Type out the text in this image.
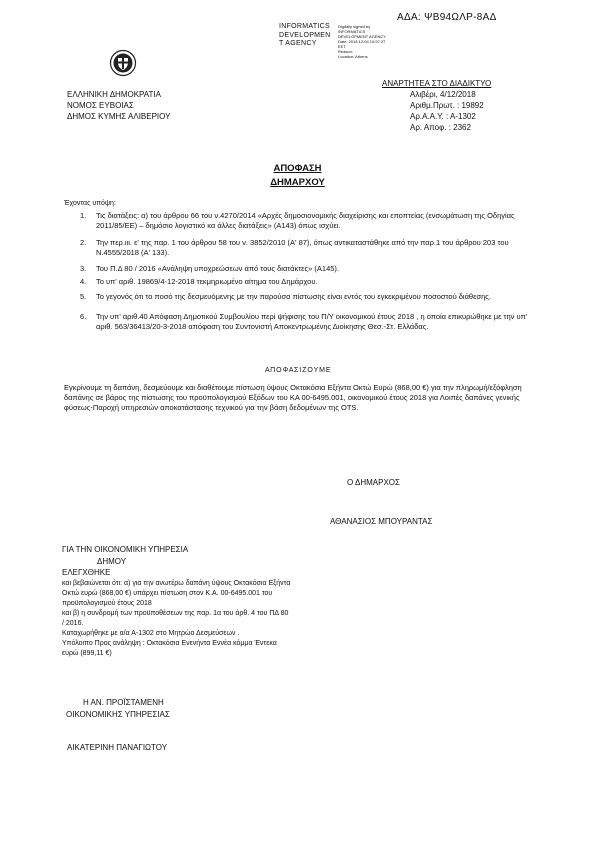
ΑΔΑ: ΨΒ94ΩΛΡ-8ΑΔ
INFORMATICS
DEVELOPMEN
T AGENCY
Digitally signed by
INFORMATICS
DEVELOPMENT AGENCY
Date: 2018.12.04 10:57:27
EET
Reason:
Location: Athens
ΕΛΛΗΝΙΚΗ ΔΗΜΟΚΡΑΤΙΑ
ΝΟΜΟΣ ΕΥΒΟΙΑΣ
ΔΗΜΟΣ ΚΥΜΗΣ ΑΛΙΒΕΡΙΟΥ
ΑΝΑΡΤΗΤΕΑ ΣΤΟ ΔΙΑΔΙΚΤΥΟ
Αλιβέρι, 4/12/2018
Αριθμ.Πρωτ. : 19892
Αρ.Α.Α.Υ. : Α-1302
Αρ. Αποφ. : 2362
ΑΠΟΦΑΣΗ
ΔΗΜΑΡΧΟΥ
Έχοντας υπόψη:
1. Τις διατάξεις: α) του άρθρου 66 του ν.4270/2014 «Αρχές δημοσιονομικής διαχείρισης και εποπτείας (ενσωμάτωση της Οδηγίας 2011/85/ΕΕ) – δημόσιο λογιστικό κα άλλες διατάξεις» (Α143) όπως ισχύει.
2. Την περ.ιιι. ε' της παρ. 1 του άρθρου 58 του ν. 3852/2010 (Α' 87), όπως αντικαταστάθηκε από την παρ.1 του άρθρου 203 του Ν.4555/2018 (Α' 133).
3. Του Π.Δ 80 / 2016 «Ανάληψη υποχρεώσεων από τους διατάκτες» (Α145).
4. Το υπ' αριθ. 19869/4-12-2018 τεκμηριωμένο αίτημα του Δημάρχου.
5. Το γεγονός ότι το ποσό της δεσμευόμενης με την παρούσα πίστωσης είναι εντός του εγκεκριμένου ποσοστού διάθεσης.
6. Την υπ' αριθ.40 Απόφαση Δημοτικού Συμβουλίου περί ψήφισης του Π/Υ οικονομικού έτους 2018 , η οποία επικυρώθηκε με την υπ' αριθ. 563/36413/20-3-2018 απόφαση του Συντονιστή Αποκεντρωμένης Διοίκησης Θεσ.-Στ. Ελλάδας.
Α Π Ο Φ Α Σ Ι Ζ Ο Υ Μ Ε
Εγκρίνουμε τη δαπάνη, δεσμεύουμε και διαθέτουμε πίστωση ύψους Οκτακόσια Εξήντα Οκτώ Ευρώ (868,00 €) για την πληρωμή/εξόφληση δαπάνης σε βάρος της πίστωσης του προϋπολογισμού Εξόδων του ΚΑ 00-6495.001, οικονομικού έτους 2018 για Λοιπές δαπάνες γενικής φύσεως-Παροχή υπηρεσιών αποκατάστασης τεχνικού για την βάση δεδομένων της OTS.
Ο ΔΗΜΑΡΧΟΣ
ΑΘΑΝΑΣΙΟΣ ΜΠΟΥΡΑΝΤΑΣ
ΓΙΑ ΤΗΝ ΟΙΚΟΝΟΜΙΚΗ ΥΠΗΡΕΣΙΑ
ΔΗΜΟΥ
ΕΛΕΓΧΘΗΚΕ
και βεβαιώνεται ότι: α) για την ανωτέρω δαπάνη ύψους Οκτακόσια Εξήντα
Οκτώ ευρώ (868,00 €) υπάρχει πίστωση στον Κ.Α. 00-6495.001 του
προϋπολογισμού έτους 2018
και β) η συνδρομή των προϋποθέσεων της παρ. 1α του άρθ. 4 του ΠΔ 80
/ 2016.
Καταχωρήθηκε με α/α Α-1302 στο Μητρώο Δεσμεύσεων .
Υπόλοιπο Προς ανάληψη : Οκτακόσια Ενενήντα Εννέα κόμμα Έντεκα
ευρώ (899,11 €)
Η ΑΝ. ΠΡΟΪΣΤΑΜΕΝΗ
ΟΙΚΟΝΟΜΙΚΗΣ ΥΠΗΡΕΣΙΑΣ
ΑΙΚΑΤΕΡΙΝΗ ΠΑΝΑΓΙΩΤΟΥ
